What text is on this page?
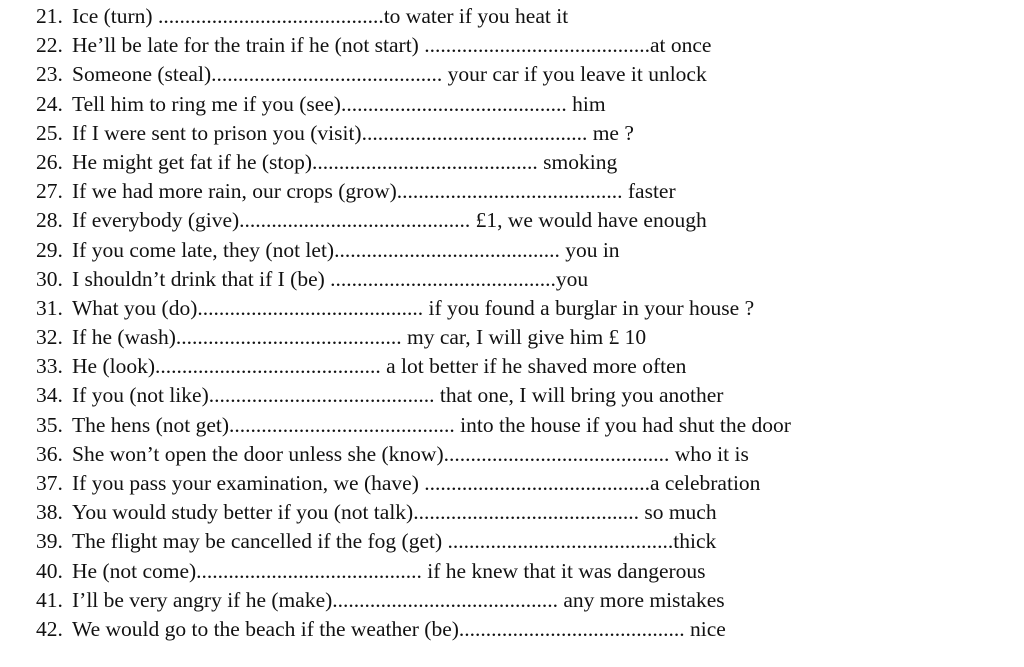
21. Ice (turn) ..........................................to water if you heat it
22. He’ll be late for the train if he (not start) ..........................................at once
23. Someone (steal)........................................... your car if you leave it unlock
24. Tell him to ring me if you (see).......................................... him
25. If I were sent to prison you (visit).......................................... me ?
26. He might get fat if he (stop).......................................... smoking
27. If we had more rain, our crops (grow).......................................... faster
28. If everybody (give)........................................... £1, we would have enough
29. If you come late, they (not let).......................................... you in
30. I shouldn’t drink that if I (be) ..........................................you
31. What you (do).......................................... if you found a burglar in your house ?
32. If he (wash).......................................... my car, I will give him £ 10
33. He (look).......................................... a lot better if he shaved more often
34. If you (not like).......................................... that one, I will bring you another
35. The hens (not get).......................................... into the house if you had shut the door
36. She won’t open the door unless she (know).......................................... who it is
37. If you pass your examination, we (have) ..........................................a celebration
38. You would study better if you (not talk).......................................... so much
39. The flight may be cancelled if the fog (get) ..........................................thick
40. He (not come).......................................... if he knew that it was dangerous
41. I’ll be very angry if he (make).......................................... any more mistakes
42. We would go to the beach if the weather (be).......................................... nice
